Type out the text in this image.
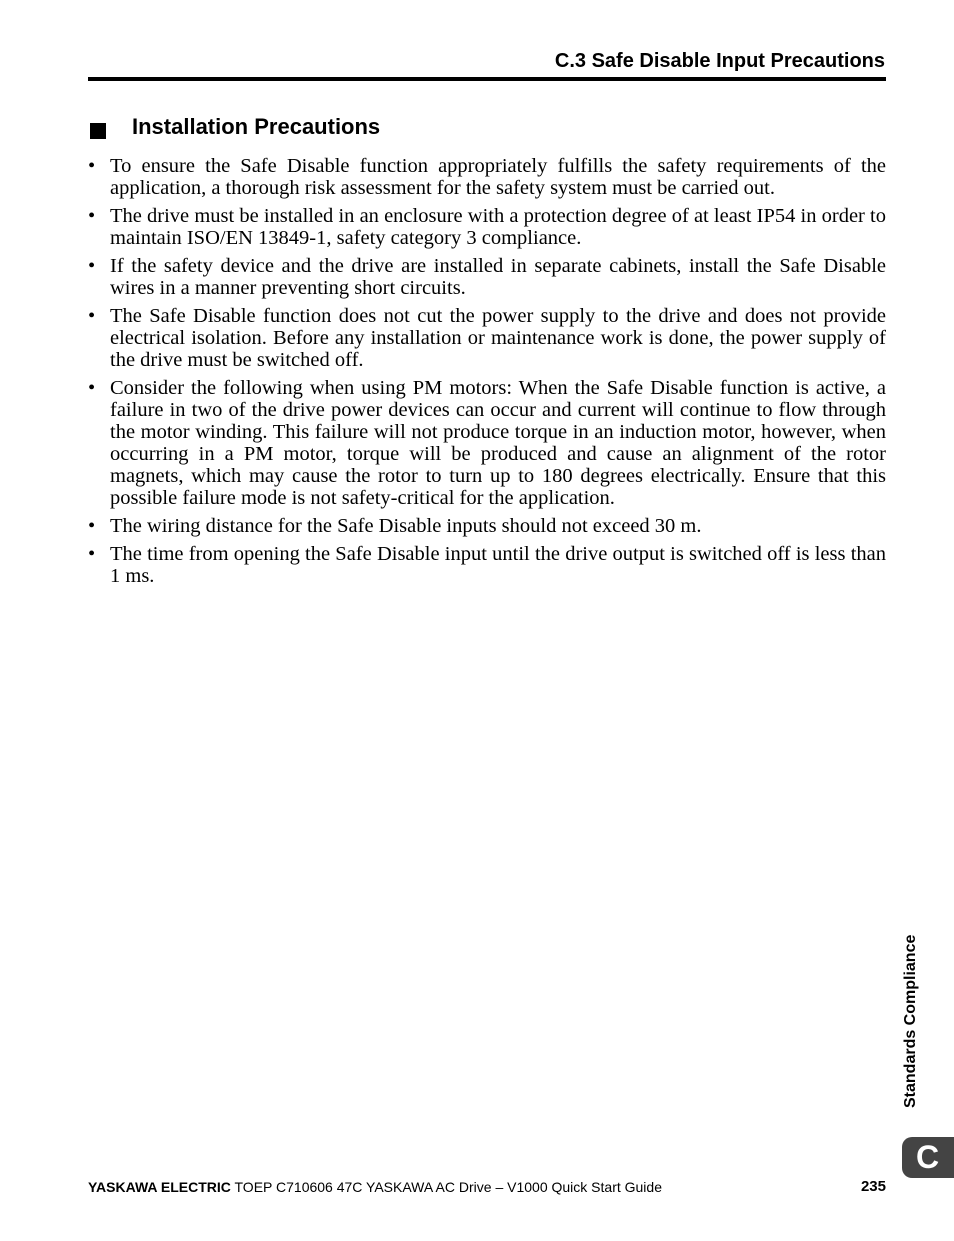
C.3 Safe Disable Input Precautions
Installation Precautions
• To ensure the Safe Disable function appropriately fulfills the safety requirements of the application, a thorough risk assessment for the safety system must be carried out.
• The drive must be installed in an enclosure with a protection degree of at least IP54 in order to maintain ISO/EN 13849-1, safety category 3 compliance.
• If the safety device and the drive are installed in separate cabinets, install the Safe Disable wires in a manner preventing short circuits.
• The Safe Disable function does not cut the power supply to the drive and does not provide electrical isolation. Before any installation or maintenance work is done, the power supply of the drive must be switched off.
• Consider the following when using PM motors: When the Safe Disable function is active, a failure in two of the drive power devices can occur and current will continue to flow through the motor winding. This failure will not produce torque in an induction motor, however, when occurring in a PM motor, torque will be produced and cause an alignment of the rotor magnets, which may cause the rotor to turn up to 180 degrees electrically. Ensure that this possible failure mode is not safety-critical for the application.
• The wiring distance for the Safe Disable inputs should not exceed 30 m.
• The time from opening the Safe Disable input until the drive output is switched off is less than 1 ms.
Standards Compliance
C
YASKAWA ELECTRIC TOEP C710606 47C YASKAWA AC Drive – V1000 Quick Start Guide	235
